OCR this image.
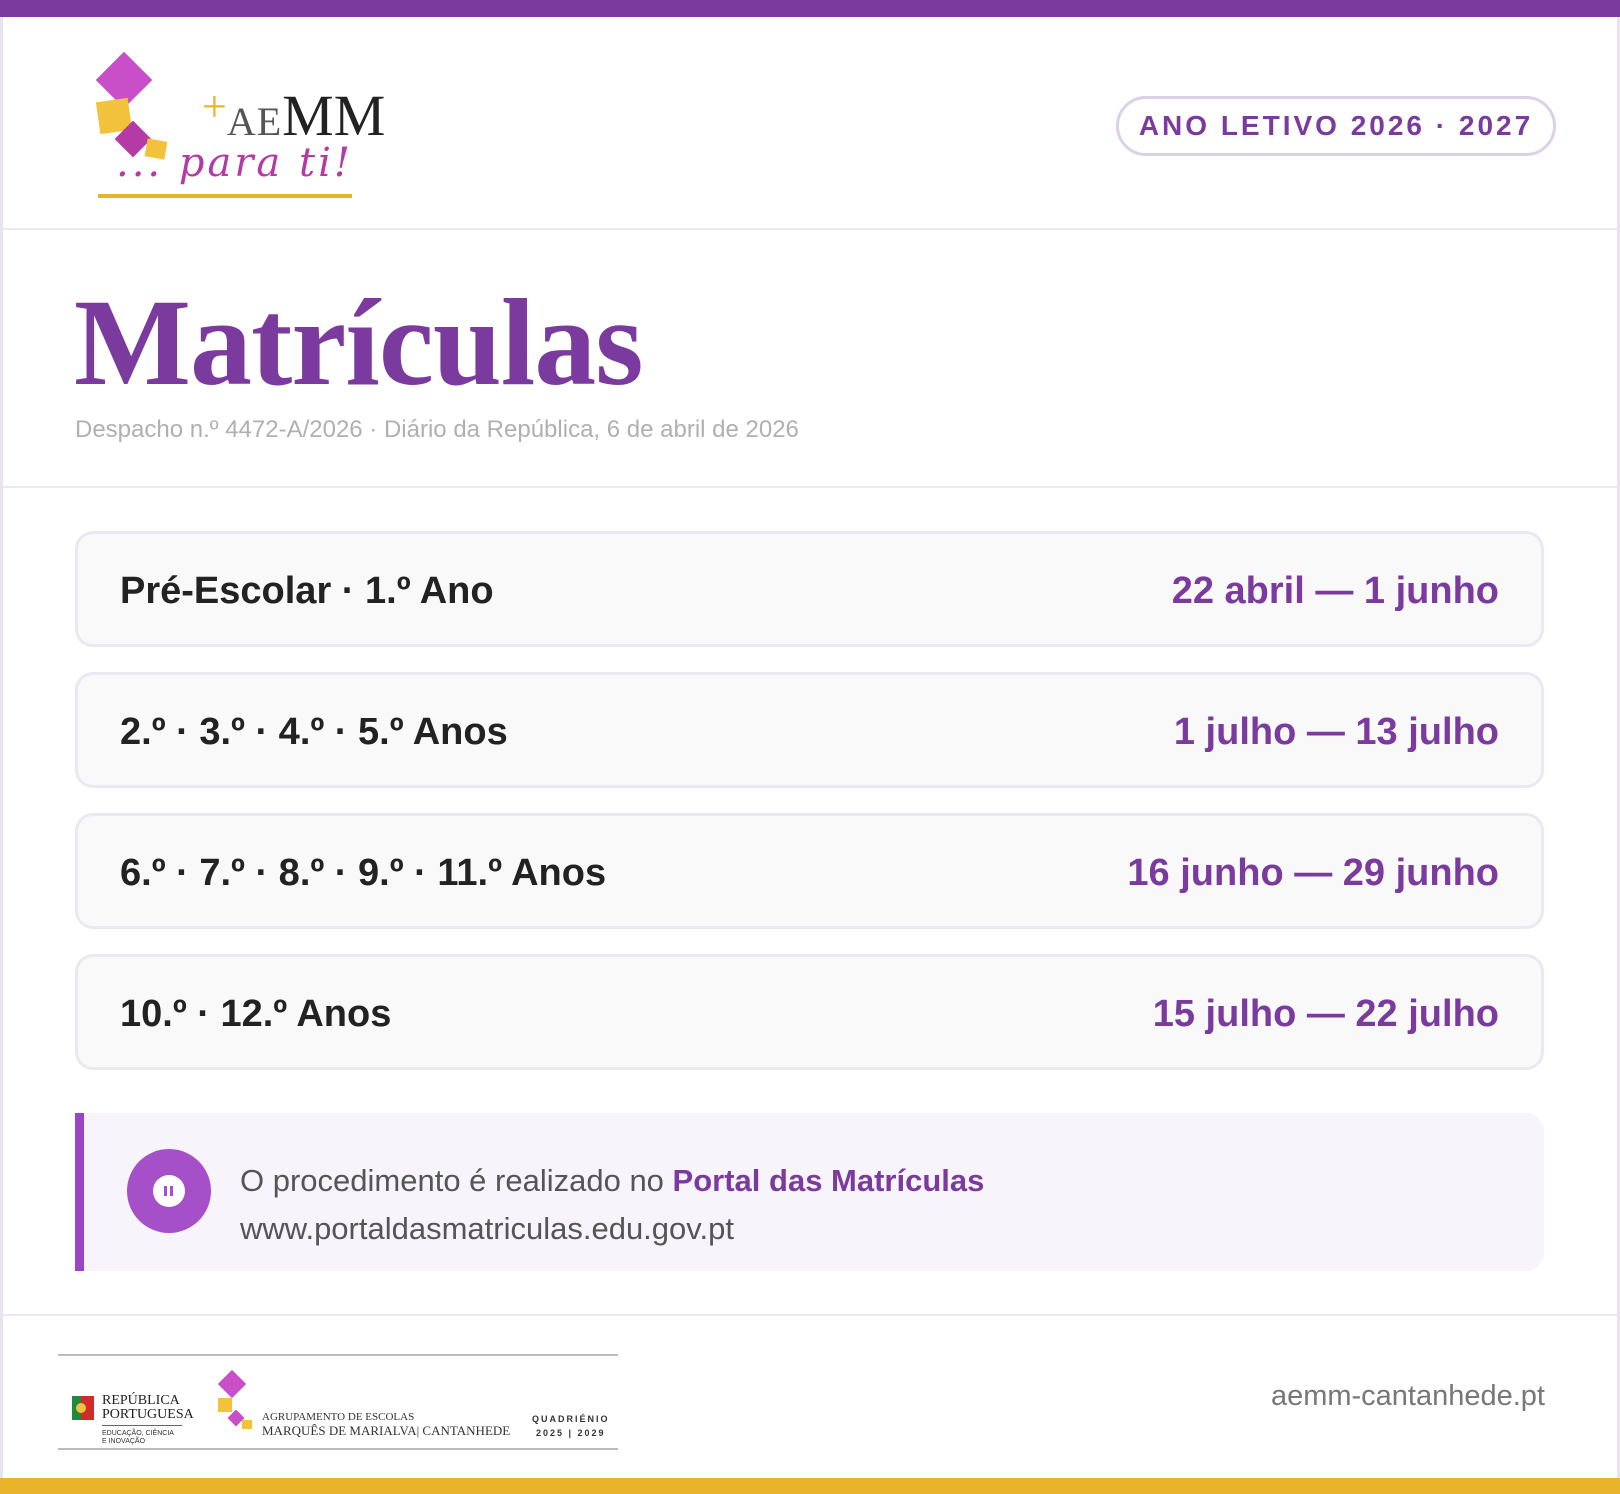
+AEMM
... para ti!
ANO LETIVO 2026 · 2027
Matrículas
Despacho n.º 4472-A/2026 · Diário da República, 6 de abril de 2026
Pré-Escolar · 1.º Ano	22 abril — 1 junho
2.º · 3.º · 4.º · 5.º Anos	1 julho — 13 julho
6.º · 7.º · 8.º · 9.º · 11.º Anos	16 junho — 29 junho
10.º · 12.º Anos	15 julho — 22 julho
O procedimento é realizado no Portal das Matrículas
www.portaldasmatriculas.edu.gov.pt
REPÚBLICA
PORTUGUESA
EDUCAÇÃO, CIÊNCIA
E INOVAÇÃO
AGRUPAMENTO DE ESCOLAS
MARQUÊS DE MARIALVA| CANTANHEDE
QUADRIÉNIO
2025 | 2029
aemm-cantanhede.pt
